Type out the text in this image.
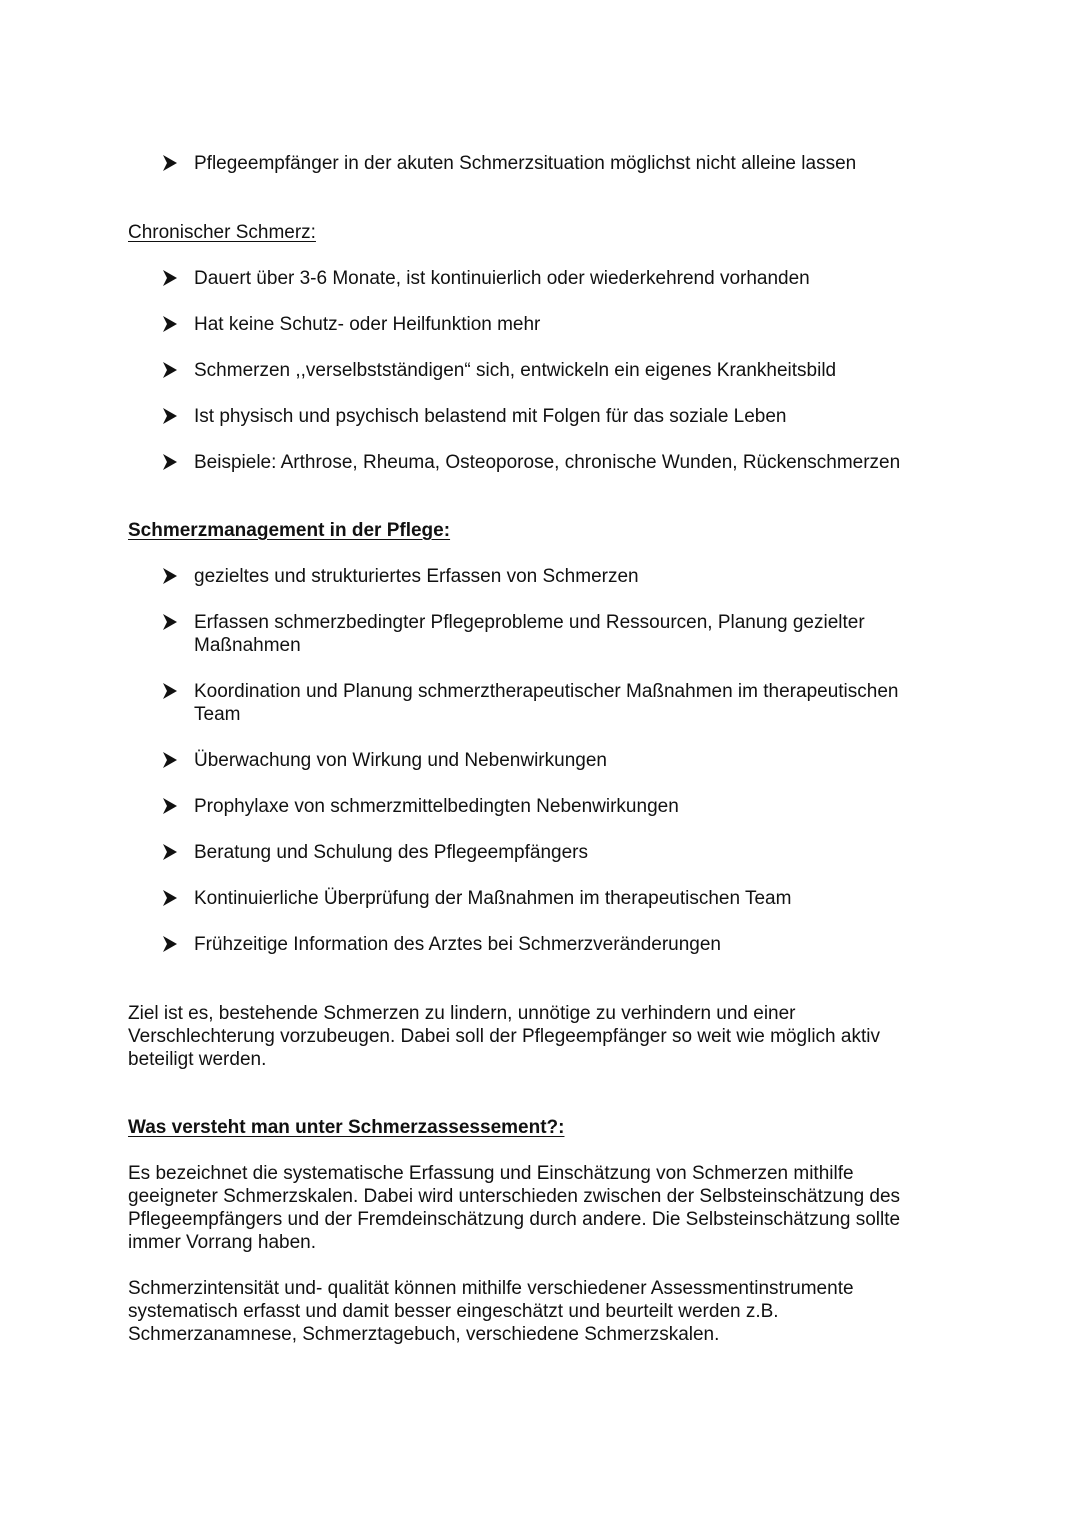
Pflegeempfänger in der akuten Schmerzsituation möglichst nicht alleine lassen
Chronischer Schmerz:
Dauert über 3-6 Monate, ist kontinuierlich oder wiederkehrend vorhanden
Hat keine Schutz- oder Heilfunktion mehr
Schmerzen ,,verselbstständigen“ sich, entwickeln ein eigenes Krankheitsbild
Ist physisch und psychisch belastend mit Folgen für das soziale Leben
Beispiele: Arthrose, Rheuma, Osteoporose, chronische Wunden, Rückenschmerzen
Schmerzmanagement in der Pflege:
gezieltes und strukturiertes Erfassen von Schmerzen
Erfassen schmerzbedingter Pflegeprobleme und Ressourcen, Planung gezielter Maßnahmen
Koordination und Planung schmerztherapeutischer Maßnahmen im therapeutischen Team
Überwachung von Wirkung und Nebenwirkungen
Prophylaxe von schmerzmittelbedingten Nebenwirkungen
Beratung und Schulung des Pflegeempfängers
Kontinuierliche Überprüfung der Maßnahmen im therapeutischen Team
Frühzeitige Information des Arztes bei Schmerzveränderungen
Ziel ist es, bestehende Schmerzen zu lindern, unnötige zu verhindern und einer Verschlechterung vorzubeugen. Dabei soll der Pflegeempfänger so weit wie möglich aktiv beteiligt werden.
Was versteht man unter Schmerzassessement?:
Es bezeichnet die systematische Erfassung und Einschätzung von Schmerzen mithilfe geeigneter Schmerzskalen. Dabei wird unterschieden zwischen der Selbsteinschätzung des Pflegeempfängers und der Fremdeinschätzung durch andere. Die Selbsteinschätzung sollte immer Vorrang haben.
Schmerzintensität und- qualität können mithilfe verschiedener Assessmentinstrumente systematisch erfasst und damit besser eingeschätzt und beurteilt werden z.B. Schmerzanamnese, Schmerztagebuch, verschiedene Schmerzskalen.
